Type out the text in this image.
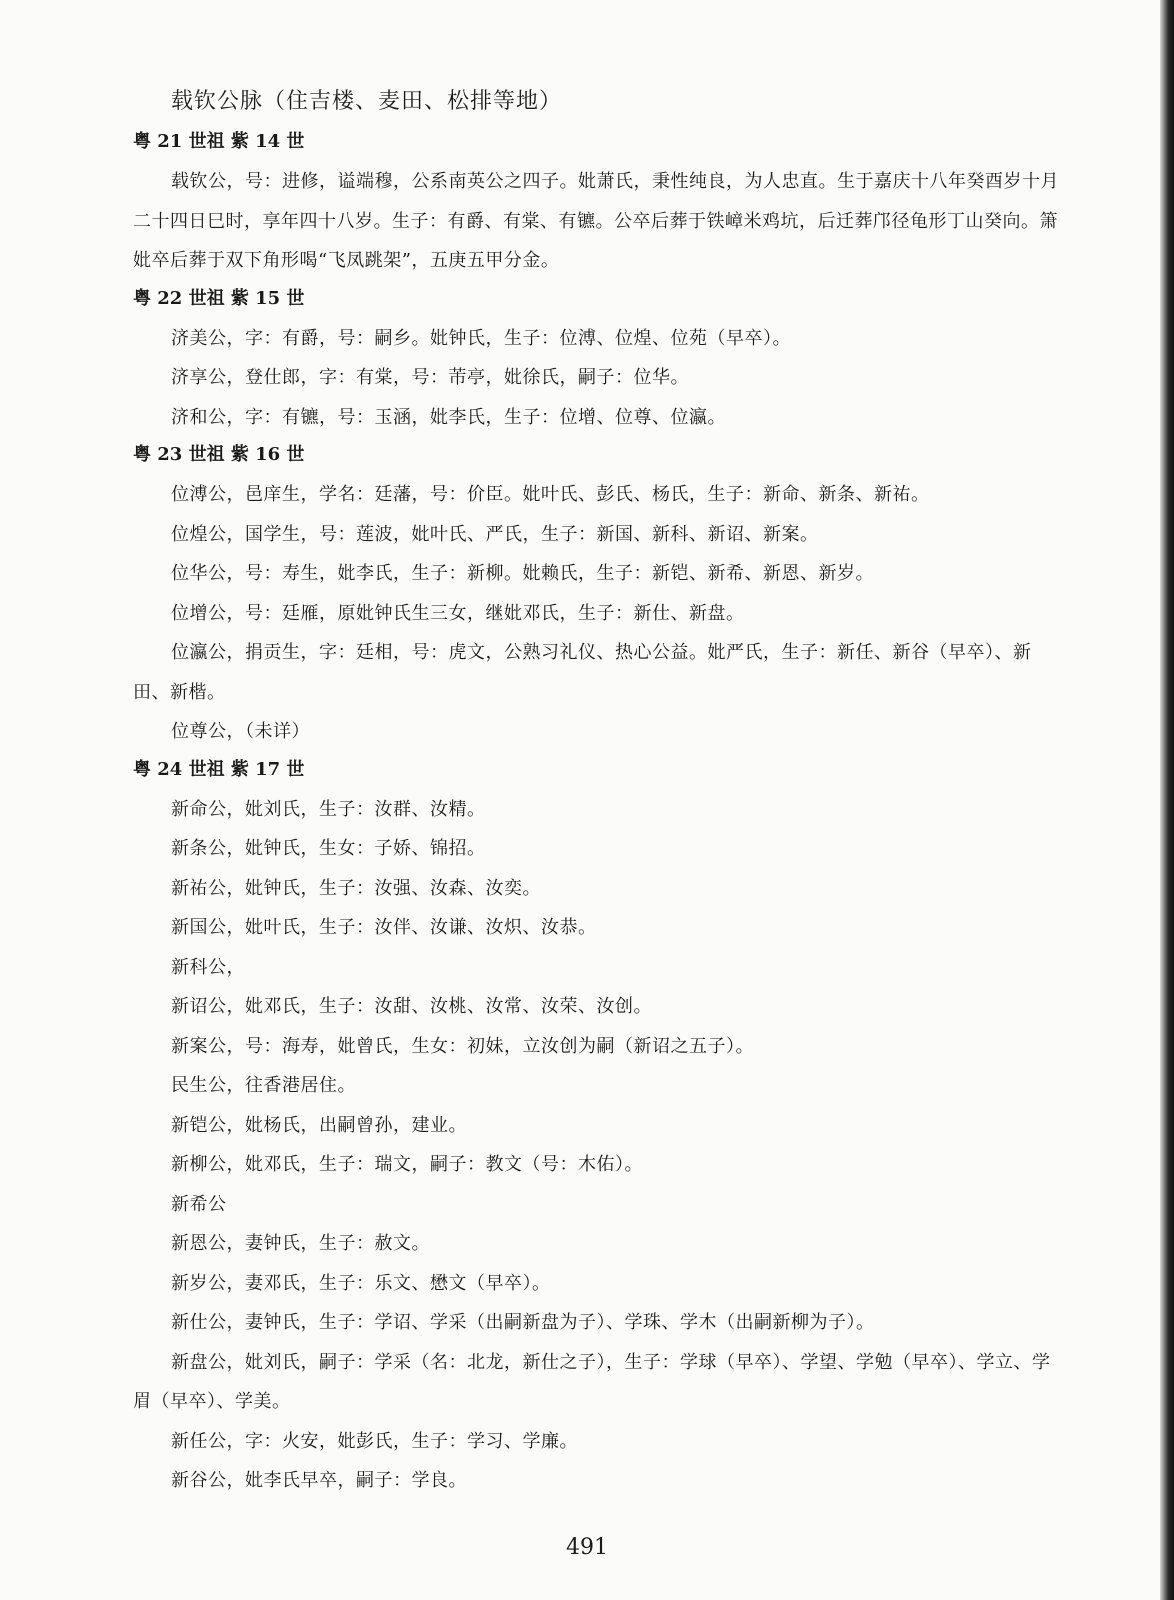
载钦公脉（住吉楼、麦田、松排等地）
粤 21 世祖 紫 14 世

载钦公，号：进修，谥端穆，公系南英公之四子。妣萧氏，秉性纯良，为人忠直。生于嘉庆十八年癸酉岁十月二十四日巳时，享年四十八岁。生子：有爵、有棠、有镳。公卒后葬于铁嶂米鸡坑，后迁葬邝径龟形丁山癸向。箫妣卒后葬于双下角形喝“飞凤跳架”，五庚五甲分金。

粤 22 世祖 紫 15 世

济美公，字：有爵，号：嗣乡。妣钟氏，生子：位溥、位煌、位苑（早卒）。

济享公，登仕郎，字：有棠，号：芾亭，妣徐氏，嗣子：位华。

济和公，字：有镳，号：玉涵，妣李氏，生子：位增、位尊、位瀛。

粤 23 世祖 紫 16 世

位溥公，邑庠生，学名：廷藩，号：价臣。妣叶氏、彭氏、杨氏，生子：新命、新条、新祐。

位煌公，国学生，号：莲波，妣叶氏、严氏，生子：新国、新科、新诏、新案。

位华公，号：寿生，妣李氏，生子：新柳。妣赖氏，生子：新铠、新希、新恩、新岁。

位增公，号：廷雁，原妣钟氏生三女，继妣邓氏，生子：新仕、新盘。

位瀛公，捐贡生，字：廷相，号：虎文，公熟习礼仪、热心公益。妣严氏，生子：新任、新谷（早卒）、新田、新楷。

位尊公，（未详）

粤 24 世祖 紫 17 世

新命公，妣刘氏，生子：汝群、汝精。

新条公，妣钟氏，生女：子娇、锦招。

新祐公，妣钟氏，生子：汝强、汝森、汝奕。

新国公，妣叶氏，生子：汝伴、汝谦、汝炽、汝恭。

新科公，

新诏公，妣邓氏，生子：汝甜、汝桃、汝常、汝荣、汝创。

新案公，号：海寿，妣曾氏，生女：初妹，立汝创为嗣（新诏之五子）。

民生公，往香港居住。

新铠公，妣杨氏，出嗣曾孙，建业。

新柳公，妣邓氏，生子：瑞文，嗣子：教文（号：木佑）。

新希公

新恩公，妻钟氏，生子：赦文。

新岁公，妻邓氏，生子：乐文、懋文（早卒）。

新仕公，妻钟氏，生子：学诏、学采（出嗣新盘为子）、学珠、学木（出嗣新柳为子）。

新盘公，妣刘氏，嗣子：学采（名：北龙，新仕之子），生子：学球（早卒）、学望、学勉（早卒）、学立、学眉（早卒）、学美。

新任公，字：火安，妣彭氏，生子：学习、学廉。

新谷公，妣李氏早卒，嗣子：学良。

491
